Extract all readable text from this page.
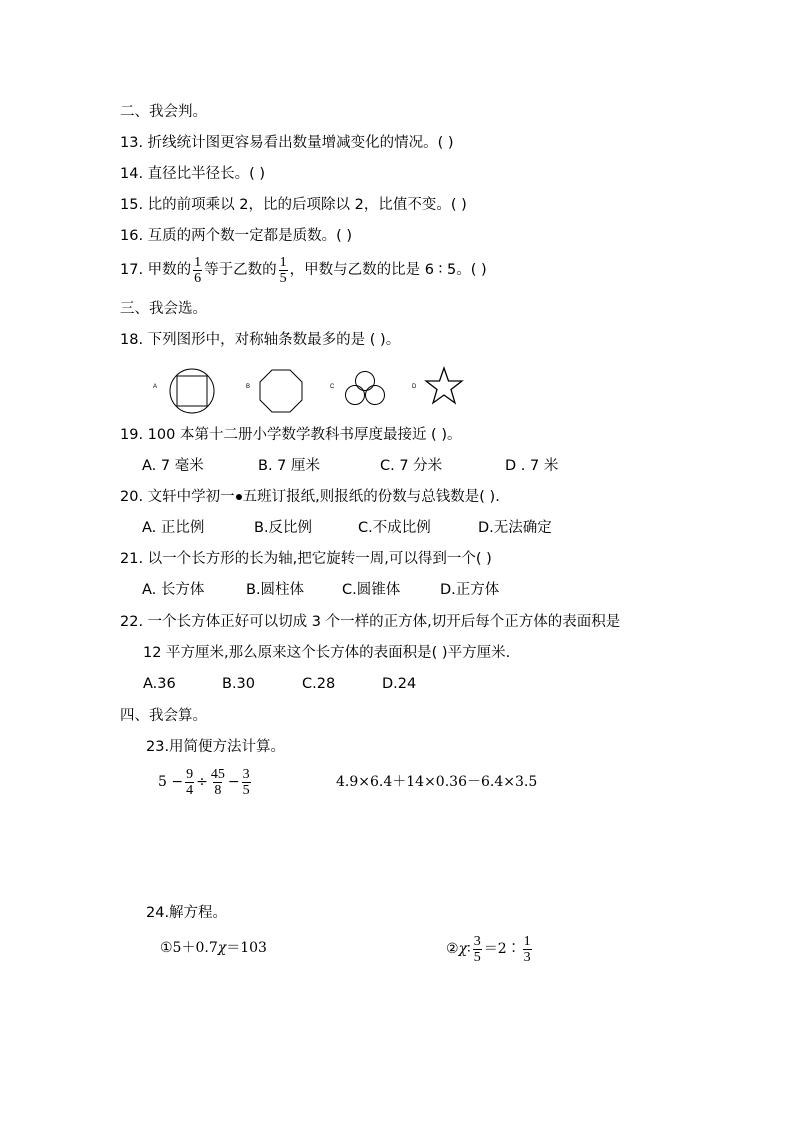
二、我会判。
13. 折线统计图更容易看出数量增减变化的情况。( )
14. 直径比半径长。( )
15. 比的前项乘以 2，比的后项除以 2，比值不变。( )
16. 互质的两个数一定都是质数。( )
17. 甲数的 $\frac{1}{6}$ 等于乙数的 $\frac{1}{5}$ ，甲数与乙数的比是 6 ∶ 5。( )
三、我会选。
18. 下列图形中，对称轴条数最多的是 ( )。
A	B	C	D
19. 100 本第十二册小学数学教科书厚度最接近 ( )。
A. 7 毫米	B. 7 厘米	C. 7 分米	D . 7 米
20. 文轩中学初一 五班订报纸,则报纸的份数与总钱数是( ).
A. 正比例	B.反比例	C.不成比例	D.无法确定
21. 以一个长方形的长为轴,把它旋转一周,可以得到一个( )
A. 长方体	B.圆柱体	C.圆锥体	D.正方体
22. 一个长方体正好可以切成 3 个一样的正方体,切开后每个正方体的表面积是
12 平方厘米,那么原来这个长方体的表面积是( )平方厘米.
A.36	B.30	C.28	D.24
四、我会算。
23.用简便方法计算。
$5 - \frac{9}{4} \div \frac{45}{8} - \frac{3}{5}$	4.9×6.4＋14×0.36－6.4×3.5
24.解方程。
①5＋0.7χ＝103	②χ∶ $\frac{3}{5}$ ＝2∶ $\frac{1}{3}$
